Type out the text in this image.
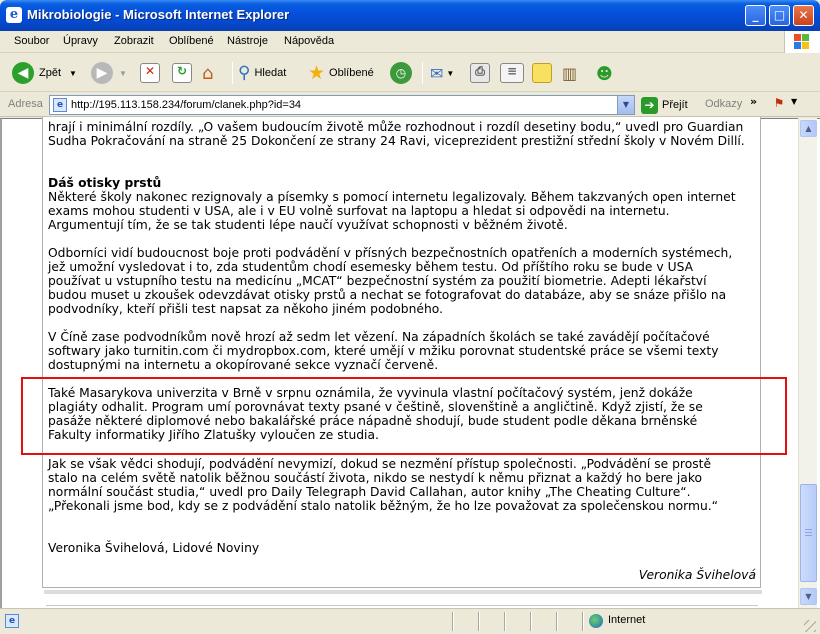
e Mikrobiologie - Microsoft Internet Explorer	_	□	✕
Soubor Úpravy Zobrazit Oblíbené Nástroje Nápověda
◀ Zpět ▼	▶	▼	✕	↻ ⌂ ⚲ Hledat ★ Oblíbené	◷	✉ ▼	⎙	≡	▥ ☻
Adresa	e http://195.113.158.234/forum/clanek.php?id=34	▼	➔ Přejít Odkazy »	⚑ ▼
hrají i minimální rozdíly. „O vašem budoucím životě může rozhodnout i rozdíl desetiny bodu,“ uvedl pro Guardian
Sudha Pokračování na straně 25 Dokončení ze strany 24 Ravi, viceprezident prestižní střední školy v Novém Dillí.
Dáš otisky prstů
Některé školy nakonec rezignovaly a písemky s pomocí internetu legalizovaly. Během takzvaných open internet
exams mohou studenti v USA, ale i v EU volně surfovat na laptopu a hledat si odpovědi na internetu.
Argumentují tím, že se tak studenti lépe naučí využívat schopnosti v běžném životě.
Odborníci vidí budoucnost boje proti podvádění v přísných bezpečnostních opatřeních a moderních systémech,
jež umožní vysledovat i to, zda studentům chodí esemesky během testu. Od příštího roku se bude v USA
používat u vstupního testu na medicínu „MCAT“ bezpečnostní systém za použití biometrie. Adepti lékařství
budou muset u zkoušek odevzdávat otisky prstů a nechat se fotografovat do databáze, aby se snáze přišlo na
podvodníky, kteří přišli test napsat za někoho jiném podobného.
V Číně zase podvodníkům nově hrozí až sedm let vězení. Na západních školách se také zavádějí počítačové
softwary jako turnitin.com či mydropbox.com, které umějí v mžiku porovnat studentské práce se všemi texty
dostupnými na internetu a okopírované sekce vyznačí červeně.
Také Masarykova univerzita v Brně v srpnu oznámila, že vyvinula vlastní počítačový systém, jenž dokáže
plagiáty odhalit. Program umí porovnávat texty psané v češtině, slovenštině a angličtině. Když zjistí, že se
pasáže některé diplomové nebo bakalářské práce nápadně shodují, bude student podle děkana brněnské
Fakulty informatiky Jiřího Zlatušky vyloučen ze studia.
Jak se však vědci shodují, podvádění nevymizí, dokud se nezmění přístup společnosti. „Podvádění se prostě
stalo na celém světě natolik běžnou součástí života, nikdo se nestydí k němu přiznat a každý ho bere jako
normální součást studia,“ uvedl pro Daily Telegraph David Callahan, autor knihy „The Cheating Culture“.
„Překonali jsme bod, kdy se z podvádění stalo natolik běžným, že ho lze považovat za společenskou normu.“
Veronika Švihelová, Lidové Noviny
Veronika Švihelová
▲
▼
e	Internet
